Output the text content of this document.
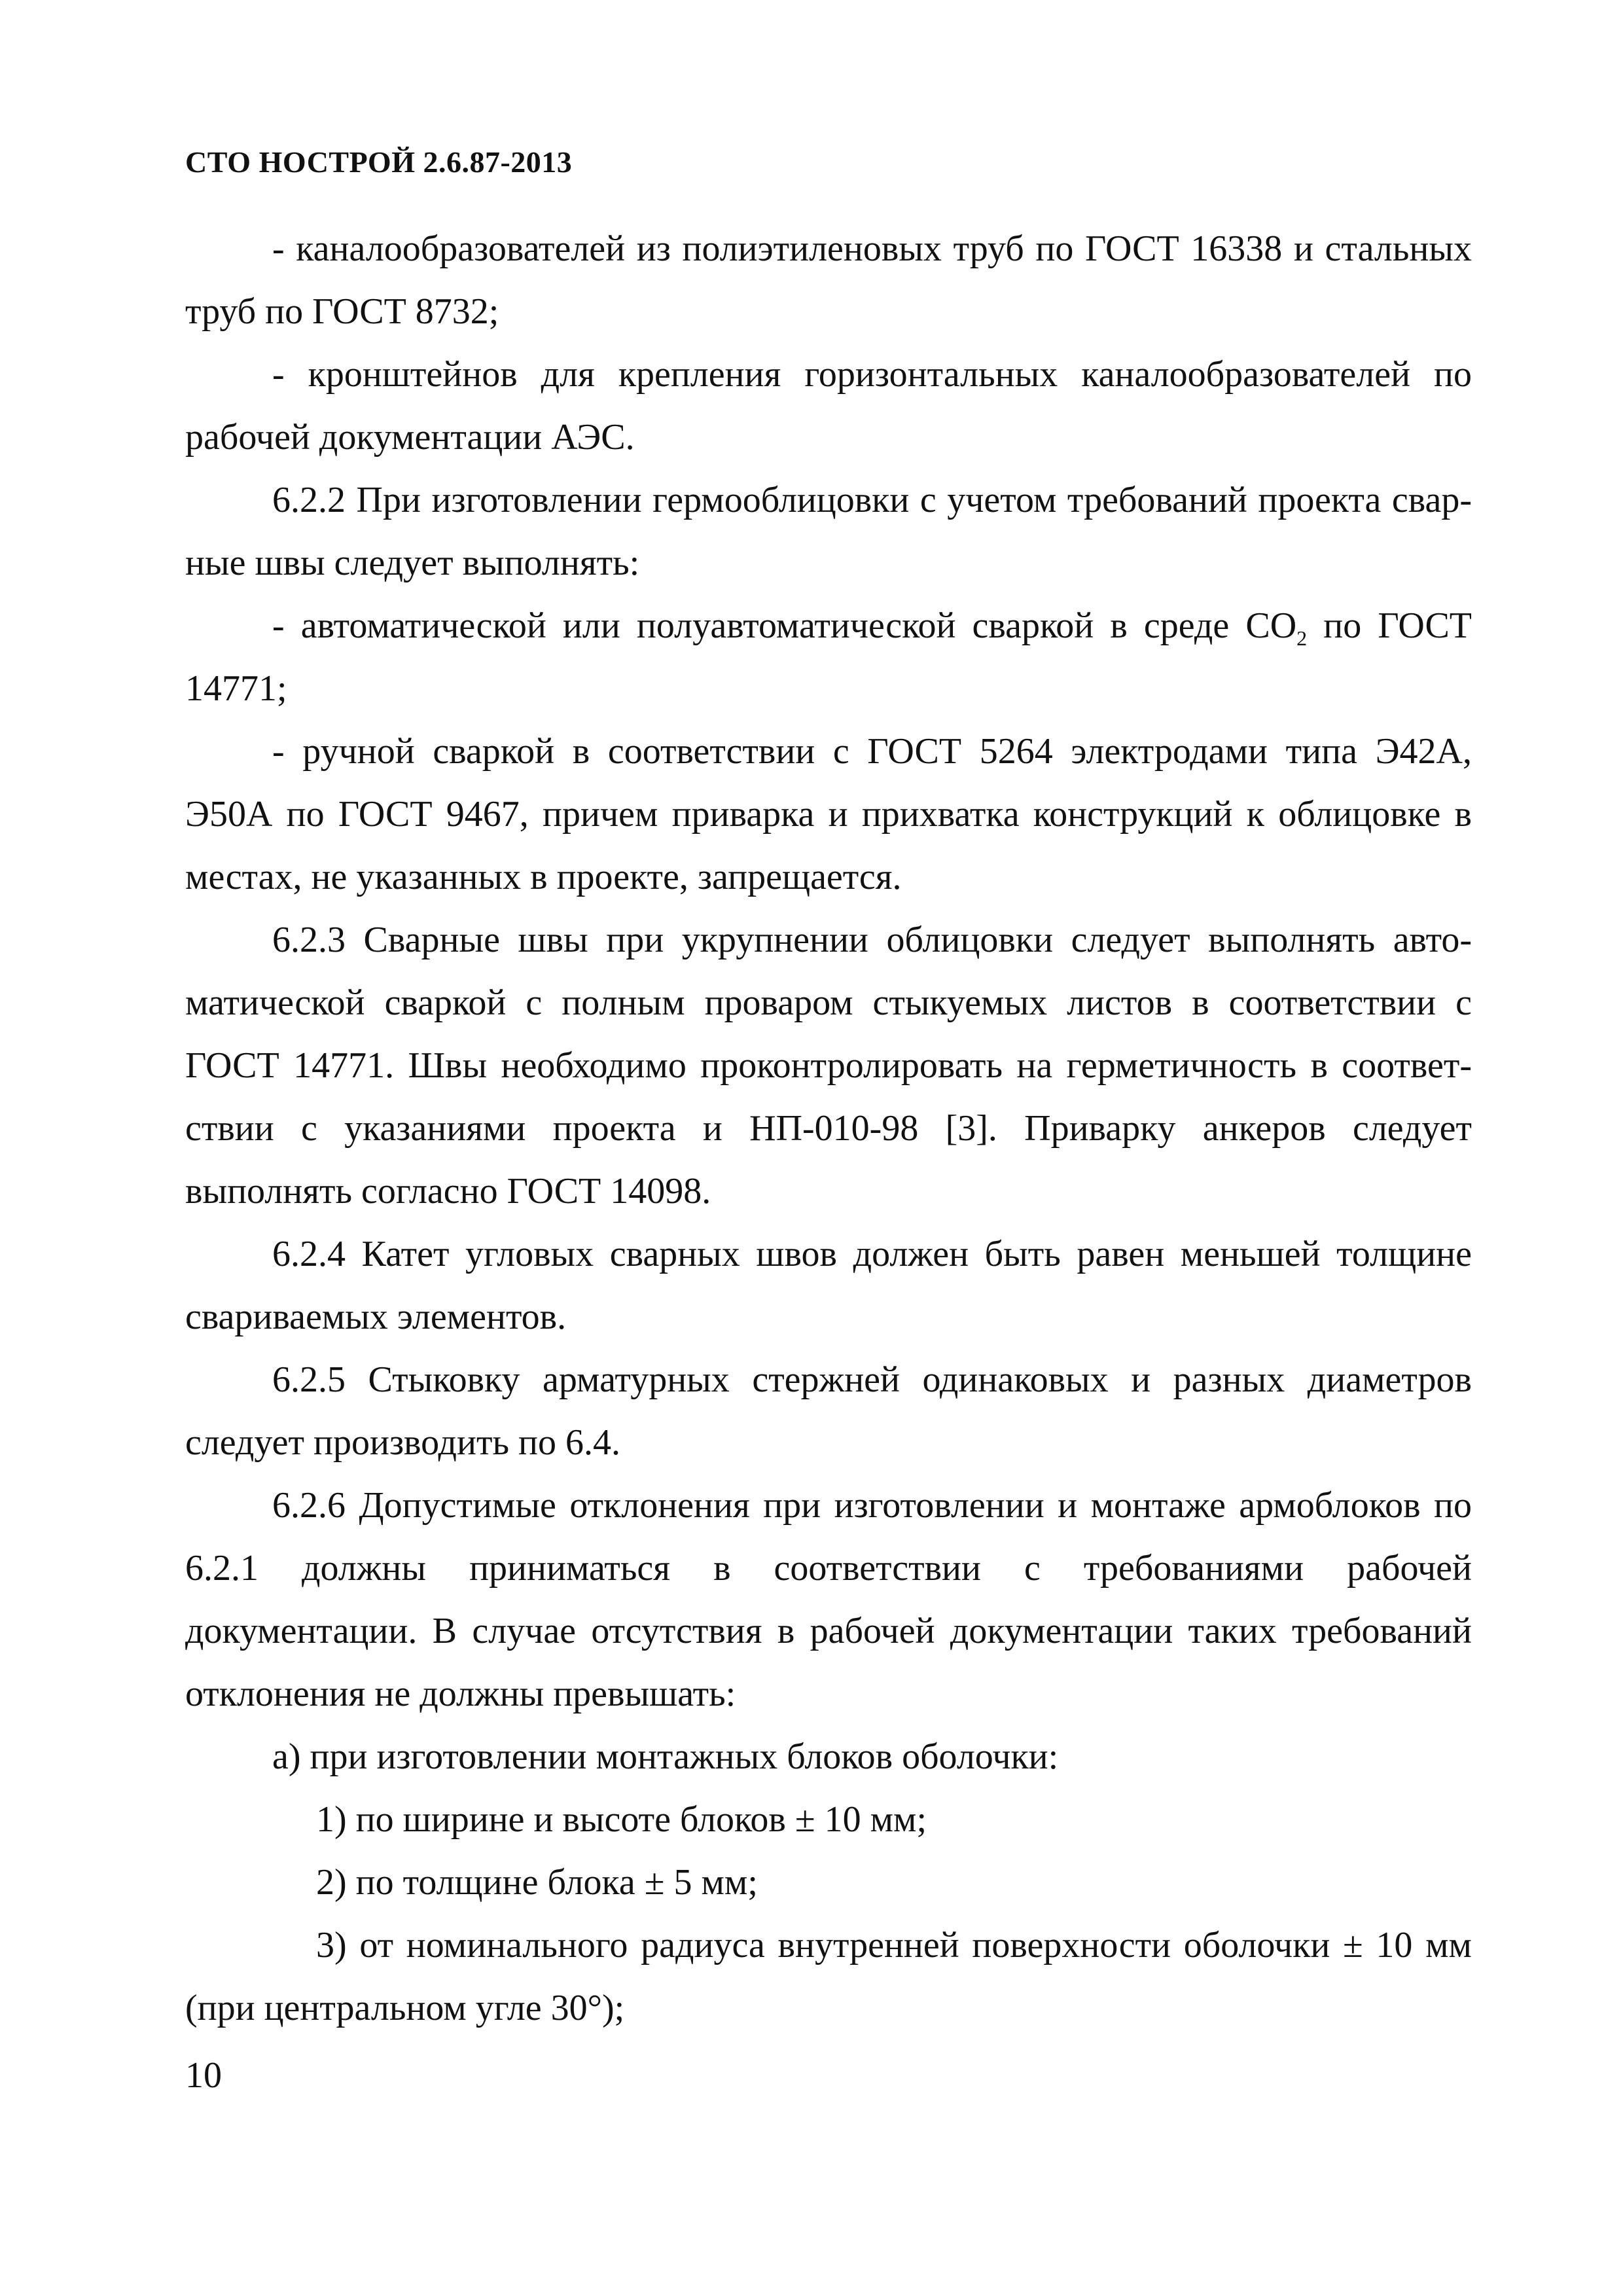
СТО НОСТРОЙ 2.6.87-2013

- каналообразователей из полиэтиленовых труб по ГОСТ 16338 и стальных труб по ГОСТ 8732;

- кронштейнов для крепления горизонтальных каналообразователей по рабочей документации АЭС.

6.2.2 При изготовлении гермооблицовки с учетом требований проекта сварные швы следует выполнять:

- автоматической или полуавтоматической сваркой в среде $CO_2$ по ГОСТ 14771;

- ручной сваркой в соответствии с ГОСТ 5264 электродами типа Э42А, Э50А по ГОСТ 9467, причем приварка и прихватка конструкций к облицовке в местах, не указанных в проекте, запрещается.

6.2.3 Сварные швы при укрупнении облицовки следует выполнять автоматической сваркой с полным проваром стыкуемых листов в соответствии с ГОСТ 14771. Швы необходимо проконтролировать на герметичность в соответствии с указаниями проекта и НП-010-98 [3]. Приварку анкеров следует выполнять согласно ГОСТ 14098.

6.2.4 Катет угловых сварных швов должен быть равен меньшей толщине свариваемых элементов.

6.2.5 Стыковку арматурных стержней одинаковых и разных диаметров следует производить по 6.4.

6.2.6 Допустимые отклонения при изготовлении и монтаже армоблоков по 6.2.1 должны приниматься в соответствии с требованиями рабочей документации. В случае отсутствия в рабочей документации таких требований отклонения не должны превышать:

а) при изготовлении монтажных блоков оболочки:

1) по ширине и высоте блоков ± 10 мм;

2) по толщине блока ± 5 мм;

3) от номинального радиуса внутренней поверхности оболочки ± 10 мм (при центральном угле 30°);

10
